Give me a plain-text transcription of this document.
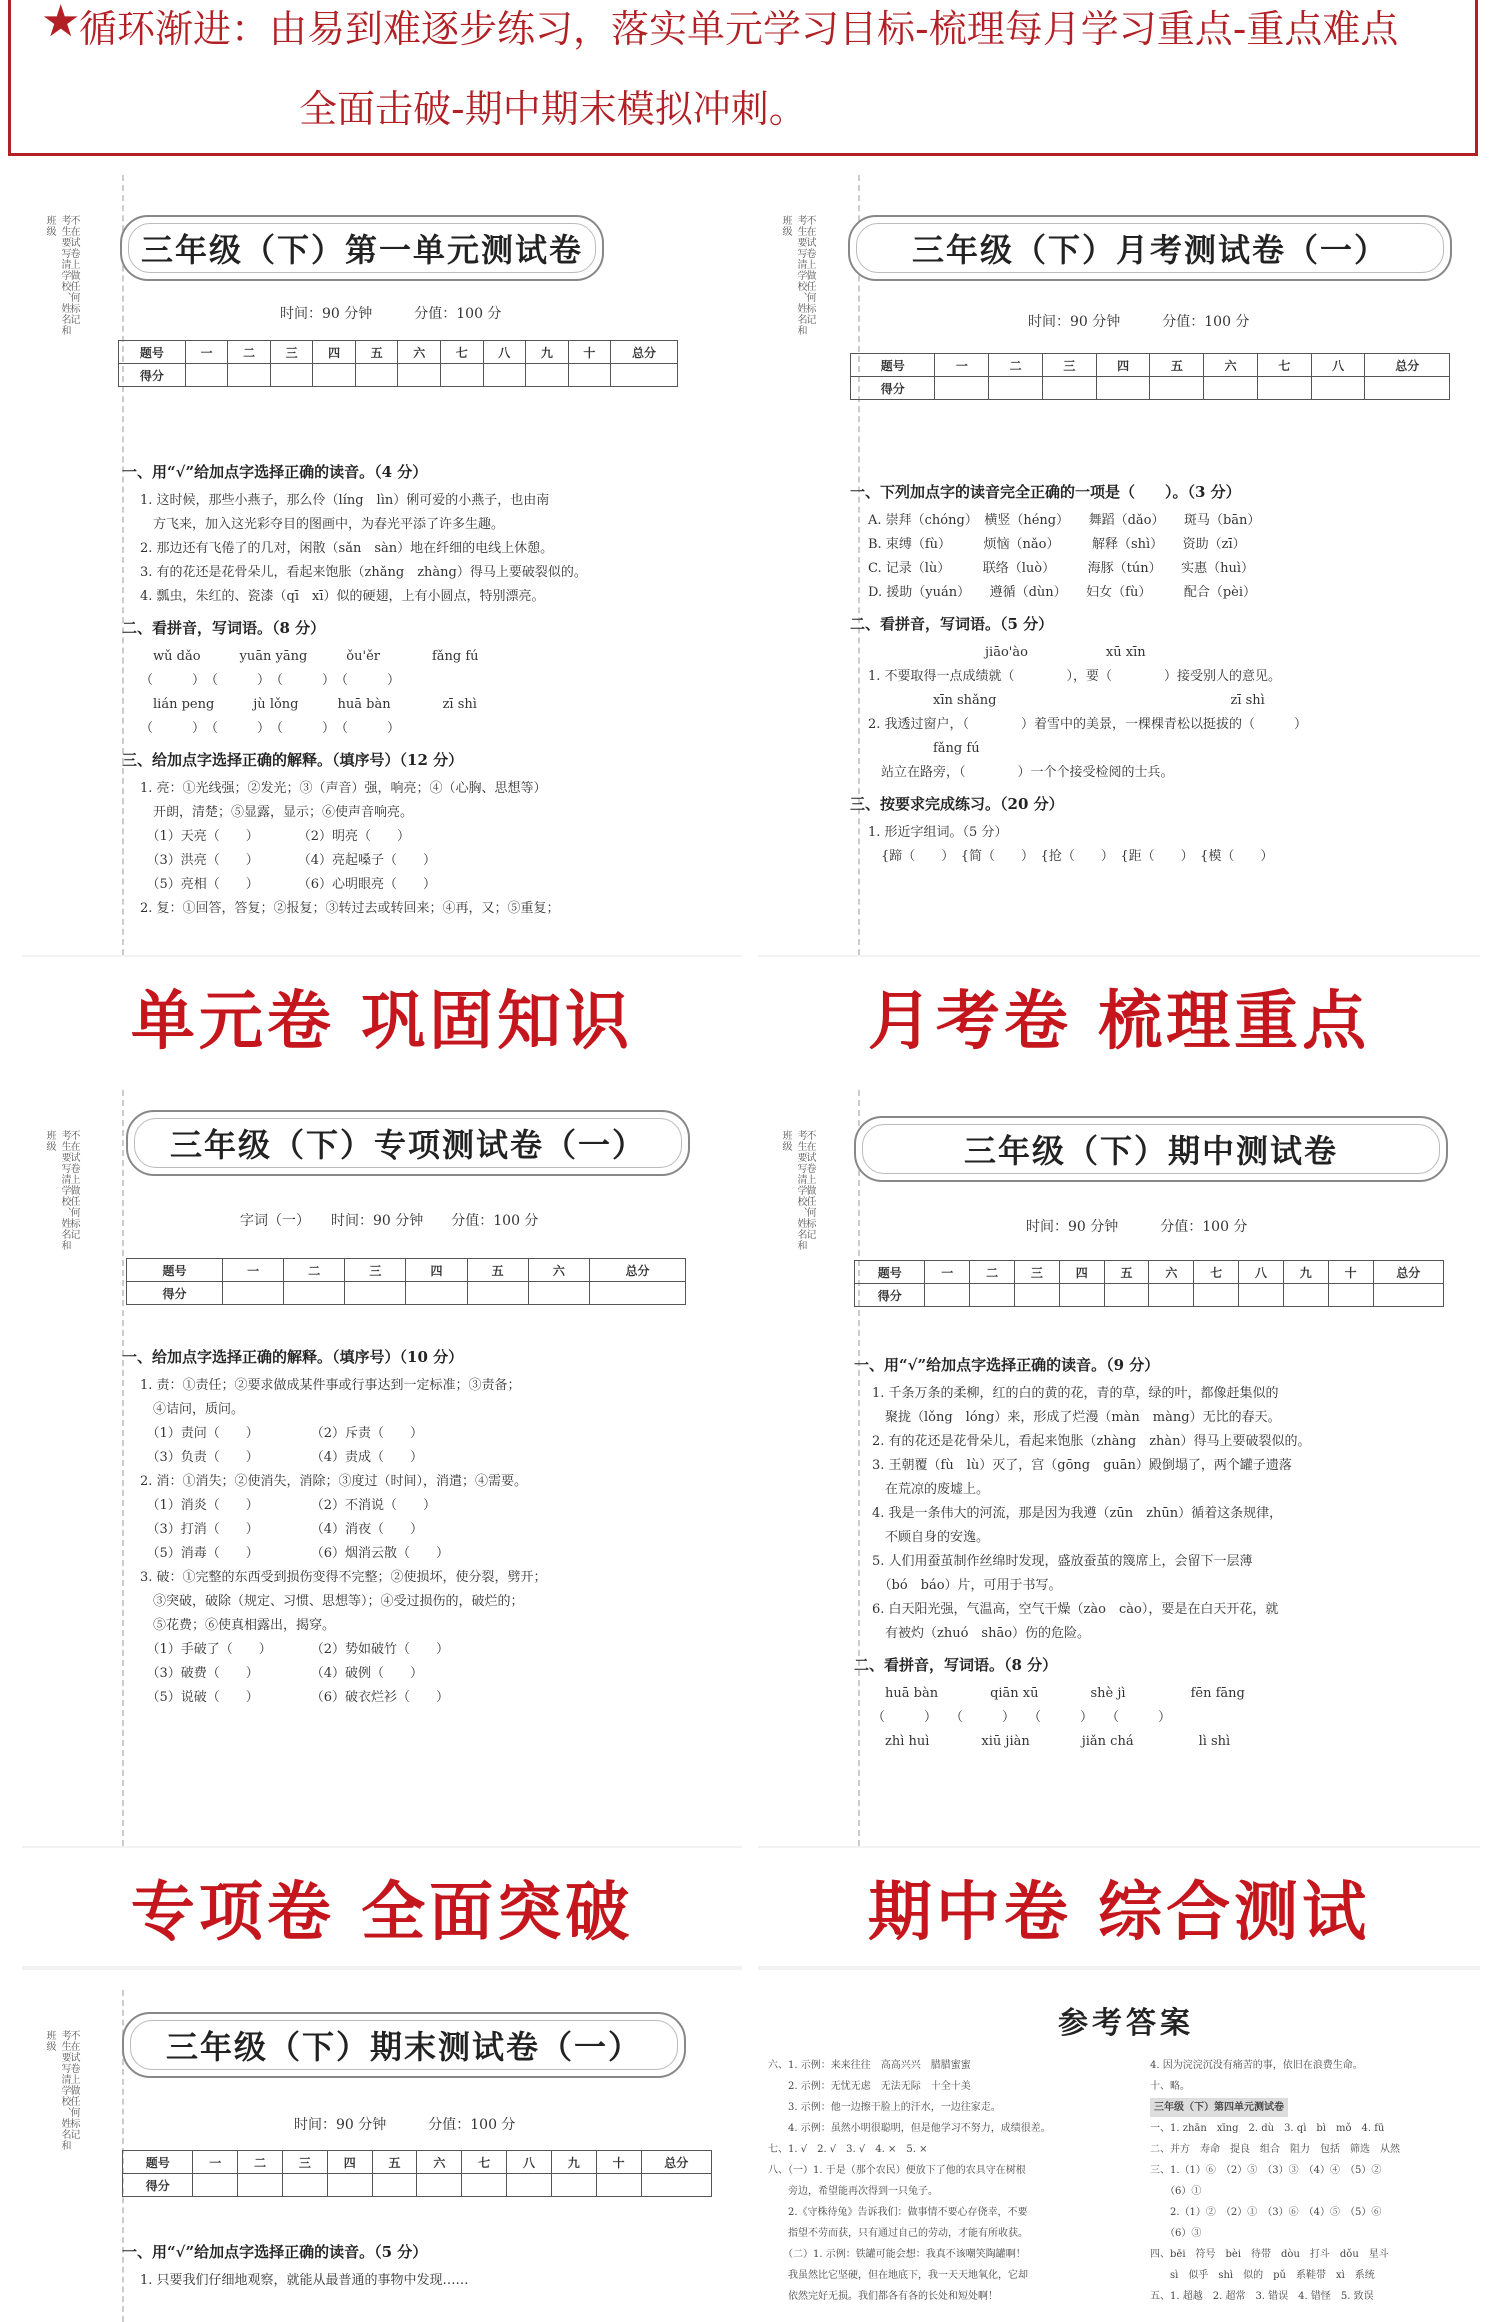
★
循环渐进：由易到难逐步练习，落实单元学习目标-梳理每月学习重点-重点难点
全面击破-期中期末模拟冲刺。
考生要写清学校、姓名和班级	不在试卷上做任何标记	三年级（下）第一单元测试卷
时间：90 分钟　　　分值：100 分
题号	一	二	三	四	五	六	七	八	九	十	总分
得分											
一、用“√”给加点字选择正确的读音。（4 分）
1. 这时候，那些小燕子，那么伶（líng　lìn）俐可爱的小燕子，也由南
　方飞来，加入这光彩夺目的图画中，为春光平添了许多生趣。
2. 那边还有飞倦了的几对，闲散（sǎn　sàn）地在纤细的电线上休憩。
3. 有的花还是花骨朵儿，看起来饱胀（zhǎng　zhàng）得马上要破裂似的。
4. 瓢虫，朱红的、瓷漆（qī　xī）似的硬翅，上有小圆点，特别漂亮。
二、看拼音，写词语。（8 分）
　wǔ dǎo　　　yuān yāng　　　ǒu'ěr　　　　fǎng fú
（　　　）　（　　　）　（　　　）　（　　　）
　lián peng　　　jù lǒng　　　huā bàn　　　　zī shì
（　　　）　（　　　）　（　　　）　（　　　）
三、给加点字选择正确的解释。（填序号）（12 分）
1. 亮：①光线强；②发光；③（声音）强，响亮；④（心胸、思想等）
　开朗，清楚；⑤显露，显示；⑥使声音响亮。
　（1）天亮（　　）　　　　（2）明亮（　　）
　（3）洪亮（　　）　　　　（4）亮起嗓子（　　）
　（5）亮相（　　）　　　　（6）心明眼亮（　　）
2. 复：①回答，答复；②报复；③转过去或转回来；④再，又；⑤重复；
单元卷 巩固知识
考生要写清学校、姓名和班级	不在试卷上做任何标记	三年级（下）月考测试卷（一）
时间：90 分钟　　　分值：100 分
题号	一	二	三	四	五	六	七	八	总分
得分									
一、下列加点字的读音完全正确的一项是（　　）。（3 分）
A. 崇拜（chóng）　横竖（héng）　　舞蹈（dǎo）　　斑马（bān）
B. 束缚（fù）　　　烦恼（nǎo）　　　解释（shì）　　资助（zī）
C. 记录（lù）　　　联络（luò）　　　海豚（tún）　　实惠（huì）
D. 援助（yuán）　　遵循（dùn）　　妇女（fù）　　　配合（pèi）
二、看拼音，写词语。（5 分）
　　　　　　　　　jiāo'ào　　　　　　xū xīn
1. 不要取得一点成绩就（　　　　），要（　　　　）接受别人的意见。
　　　　　xīn shǎng　　　　　　　　　　　　　　　　　　zī shì
2. 我透过窗户，（　　　　）着雪中的美景，一棵棵青松以挺拔的（　　　）
　　　　　fǎng fú
　站立在路旁，（　　　　）一个个接受检阅的士兵。
三、按要求完成练习。（20 分）
1. 形近字组词。（5 分）
　{蹄（　　）　{简（　　）　{抢（　　）　{距（　　）　{模（　　）
月考卷 梳理重点
考生要写清学校、姓名和班级	不在试卷上做任何标记	三年级（下）专项测试卷（一）
字词（一）　　时间：90 分钟　　分值：100 分
题号	一	二	三	四	五	六	总分
得分							
一、给加点字选择正确的解释。（填序号）（10 分）
1. 责：①责任；②要求做成某件事或行事达到一定标准；③责备；
　④诘问，质问。
　（1）责问（　　）　　　　　（2）斥责（　　）
　（3）负责（　　）　　　　　（4）责成（　　）
2. 消：①消失；②使消失，消除；③度过（时间），消遣；④需要。
　（1）消炎（　　）　　　　　（2）不消说（　　）
　（3）打消（　　）　　　　　（4）消夜（　　）
　（5）消毒（　　）　　　　　（6）烟消云散（　　）
3. 破：①完整的东西受到损伤变得不完整；②使损坏，使分裂，劈开；
　③突破，破除（规定、习惯、思想等）；④受过损伤的，破烂的；
　⑤花费；⑥使真相露出，揭穿。
　（1）手破了（　　）　　　　（2）势如破竹（　　）
　（3）破费（　　）　　　　　（4）破例（　　）
　（5）说破（　　）　　　　　（6）破衣烂衫（　　）
专项卷 全面突破
考生要写清学校、姓名和班级	不在试卷上做任何标记	三年级（下）期中测试卷
时间：90 分钟　　　分值：100 分
题号	一	二	三	四	五	六	七	八	九	十	总分
得分											
一、用“√”给加点字选择正确的读音。（9 分）
1. 千条万条的柔柳，红的白的黄的花，青的草，绿的叶，都像赶集似的
　聚拢（lǒng　lóng）来，形成了烂漫（màn　màng）无比的春天。
2. 有的花还是花骨朵儿，看起来饱胀（zhàng　zhàn）得马上要破裂似的。
3. 王朝覆（fù　lù）灭了，宫（gōng　guān）殿倒塌了，两个罐子遗落
　在荒凉的废墟上。
4. 我是一条伟大的河流，那是因为我遵（zūn　zhūn）循着这条规律，
　不顾自身的安逸。
5. 人们用蚕茧制作丝绵时发现，盛放蚕茧的篾席上，会留下一层薄
　（bó　báo）片，可用于书写。
6. 白天阳光强，气温高，空气干燥（zào　cào），要是在白天开花，就
　有被灼（zhuó　shāo）伤的危险。
二、看拼音，写词语。（8 分）
　huā bàn　　　　qiān xū　　　　shè jì　　　　　fēn fāng
（　　　）　　（　　　）　　（　　　）　　（　　　）
　zhì huì　　　　xiū jiàn　　　　jiǎn chá　　　　　lì shì
期中卷 综合测试
考生要写清学校、姓名和班级	不在试卷上做任何标记	三年级（下）期末测试卷（一）
时间：90 分钟　　　分值：100 分
题号	一	二	三	四	五	六	七	八	九	十	总分
得分											
一、用“√”给加点字选择正确的读音。（5 分）
1. 只要我们仔细地观察，就能从最普通的事物中发现……
参考答案
六、1. 示例：来来往往　高高兴兴　腊腊蜜蜜
　　2. 示例：无忧无虑　无法无际　十全十美
　　3. 示例：他一边擦干脸上的汗水，一边往家走。
　　4. 示例：虽然小明很聪明，但是他学习不努力，成绩很差。
七、1. √　2. √　3. √　4. ×　5. ×
八、（一）1. 于是（那个农民）便放下了他的农具守在树根
　　旁边，希望能再次得到一只兔子。
　　2.《守株待兔》告诉我们：做事情不要心存侥幸，不要
　　指望不劳而获，只有通过自己的劳动，才能有所收获。
　　（二）1. 示例：铁罐可能会想：我真不该嘲笑陶罐啊！
　　我虽然比它坚硬，但在地底下，我一天天地氧化，它却
　　依然完好无损。我们都各有各的长处和短处啊！
4. 因为浣浣沉没有痛苦的事，依旧在浪费生命。
十、略。
三年级（下）第四单元测试卷
一、1. zhān　xīng　2. dù　3. qì　bì　mǒ　4. fū
二、并方　寿命　提良　组合　阻力　包括　筛选　从然
三、1.（1）⑥　（2）⑤　（3）③　（4）④　（5）②
　　（6）①
　　2.（1）②　（2）①　（3）⑥　（4）⑤　（5）⑥
　　（6）③
四、bēi　符号　bèi　待带　dòu　打斗　dǒu　星斗
　　sì　似乎　shì　似的　pǔ　系鞋带　xì　系统
五、1. 超越　2. 超常　3. 错误　4. 错怪　5. 致误
